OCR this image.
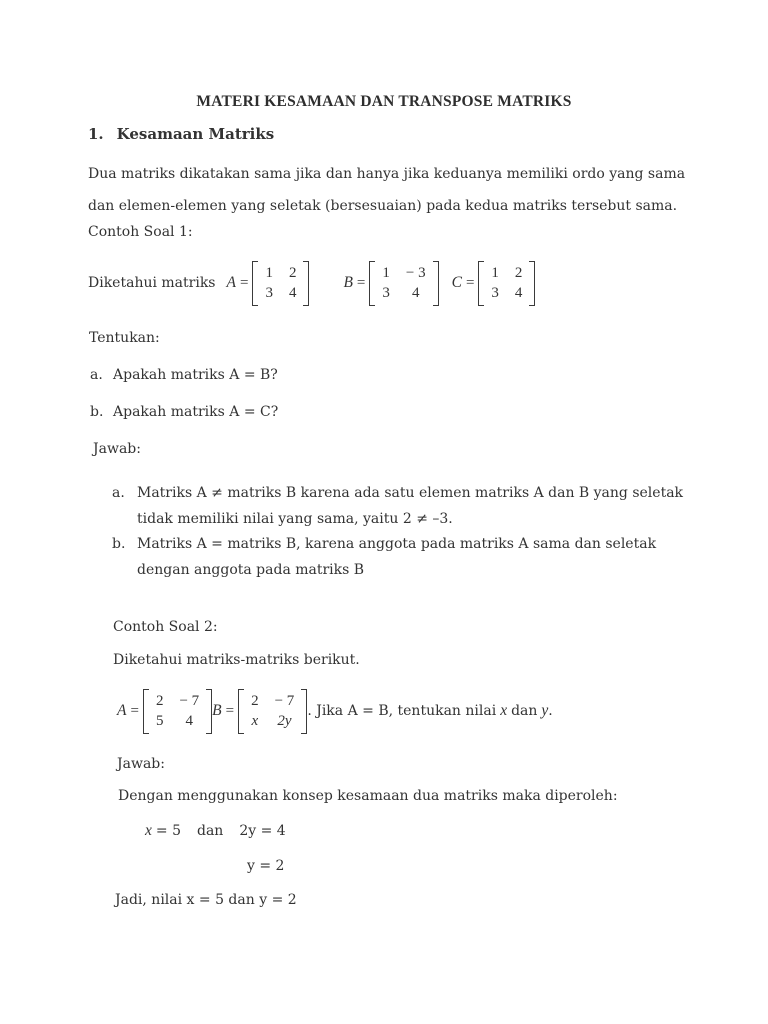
MATERI KESAMAAN DAN TRANSPOSE MATRIKS
1. Kesamaan Matriks
Dua matriks dikatakan sama jika dan hanya jika keduanya memiliki ordo yang sama
dan elemen-elemen yang seletak (bersesuaian) pada kedua matriks tersebut sama.
Contoh Soal 1:
Diketahui matriks A =
1 2
3 4
B =
1 − 3
3	4
C =
1 2
3 4
Tentukan:
a. Apakah matriks A = B?
b. Apakah matriks A = C?
Jawab:
a. Matriks A ≠ matriks B karena ada satu elemen matriks A dan B yang seletak
tidak memiliki nilai yang sama, yaitu 2 ≠ –3.
b. Matriks A = matriks B, karena anggota pada matriks A sama dan seletak
dengan anggota pada matriks B
Contoh Soal 2:
Diketahui matriks-matriks berikut.
A =
2 − 7
5	4
B =
2 − 7
x 2y
. Jika A = B, tentukan nilai x dan y .
Jawab:
Dengan menggunakan konsep kesamaan dua matriks maka diperoleh:
x = 5 dan 2y = 4
y = 2
Jadi, nilai x = 5 dan y = 2
